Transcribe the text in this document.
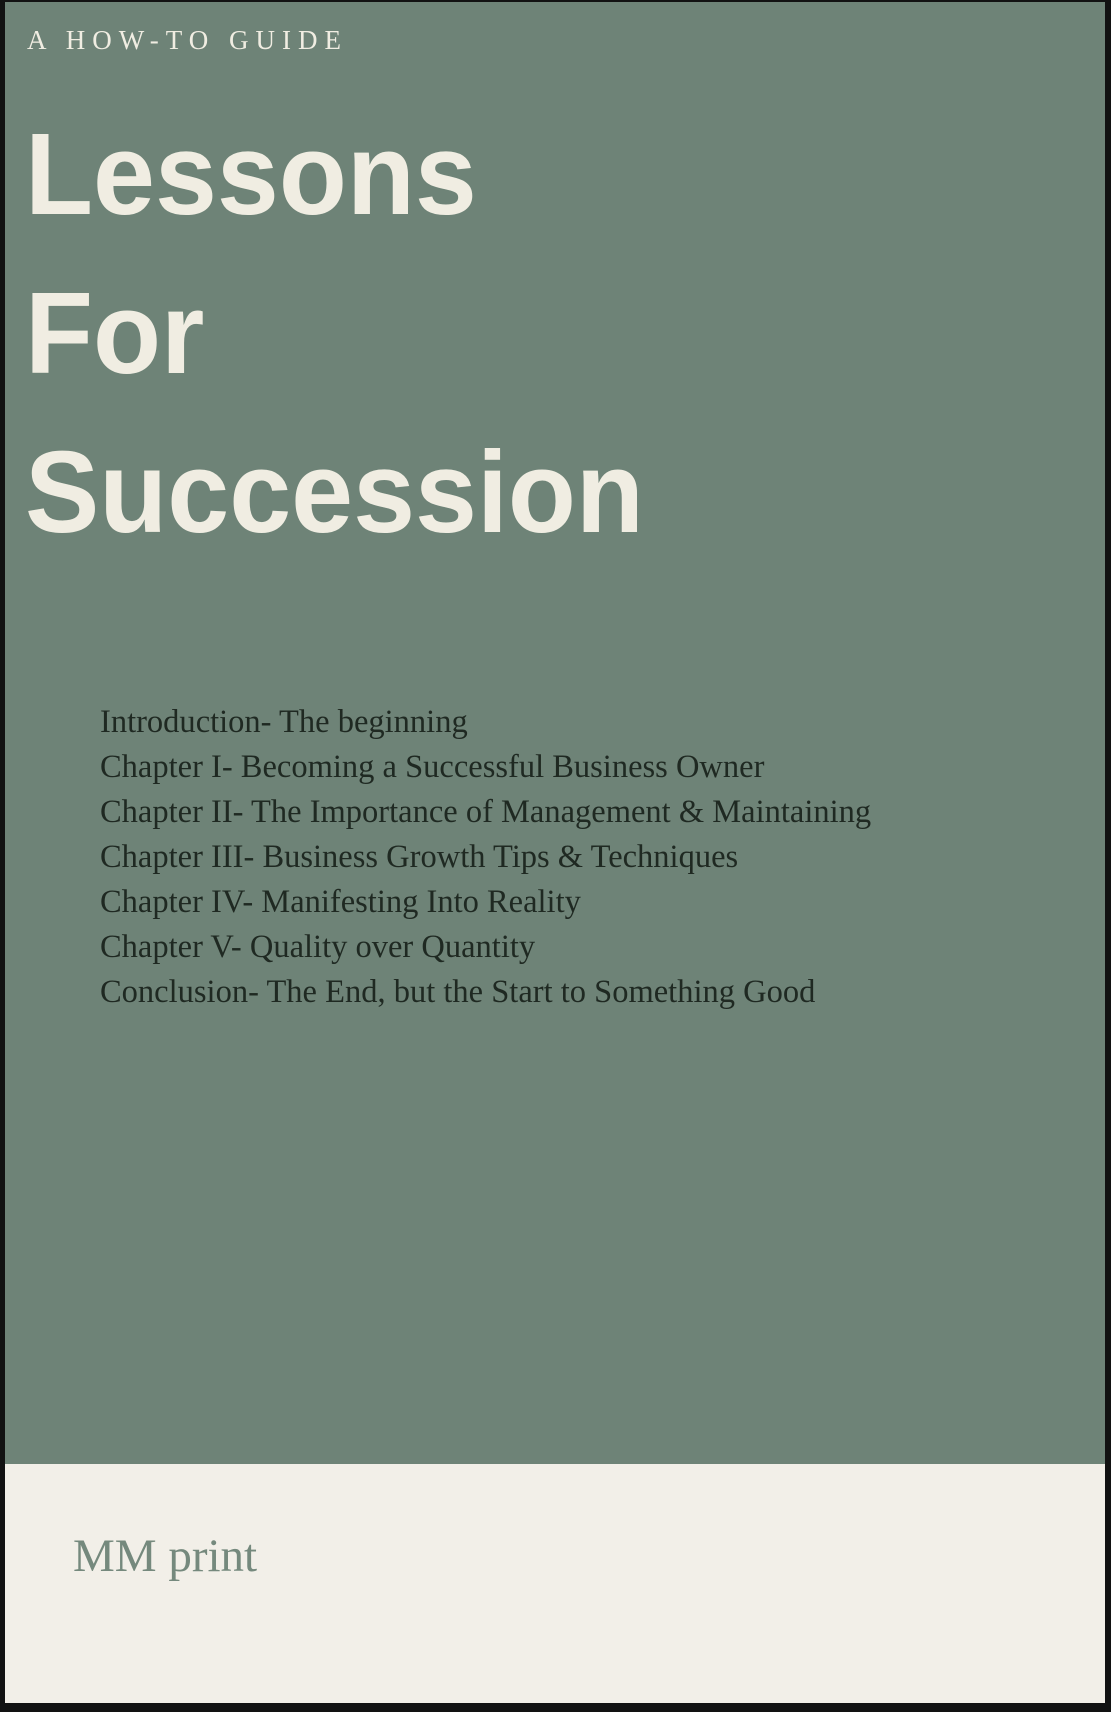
A HOW-TO GUIDE
Lessons
For
Succession
Introduction- The beginning
Chapter I- Becoming a Successful Business Owner
Chapter II- The Importance of Management & Maintaining
Chapter III- Business Growth Tips & Techniques
Chapter IV- Manifesting Into Reality
Chapter V- Quality over Quantity
Conclusion- The End, but the Start to Something Good
MM print
